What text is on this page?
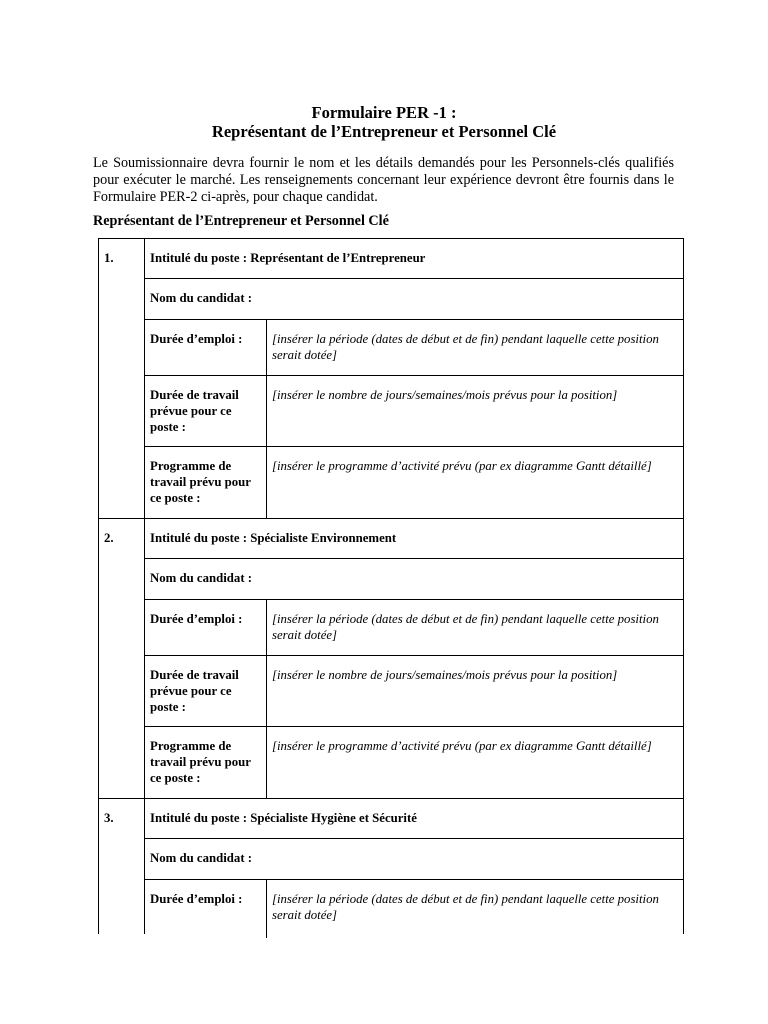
Formulaire PER -1 :
Représentant de l’Entrepreneur et Personnel Clé
Le Soumissionnaire devra fournir le nom et les détails demandés pour les Personnels-clés qualifiés pour exécuter le marché. Les renseignements concernant leur expérience devront être fournis dans le Formulaire PER-2 ci-après, pour chaque candidat.
Représentant de l’Entrepreneur et Personnel Clé
1.	Intitulé du poste : Représentant de l’Entrepreneur
Nom du candidat :
Durée d’emploi :	[insérer la période (dates de début et de fin) pendant laquelle cette position serait dotée]
Durée de travail prévue pour ce poste :
[insérer le nombre de jours/semaines/mois prévus pour la position]
Programme de travail prévu pour ce poste :
[insérer le programme d’activité prévu (par ex diagramme Gantt détaillé]
2.	Intitulé du poste : Spécialiste Environnement
Nom du candidat :
Durée d’emploi :	[insérer la période (dates de début et de fin) pendant laquelle cette position serait dotée]
Durée de travail prévue pour ce poste :
[insérer le nombre de jours/semaines/mois prévus pour la position]
Programme de travail prévu pour ce poste :
[insérer le programme d’activité prévu (par ex diagramme Gantt détaillé]
3.	Intitulé du poste : Spécialiste Hygiène et Sécurité
Nom du candidat :
Durée d’emploi :	[insérer la période (dates de début et de fin) pendant laquelle cette position serait dotée]
